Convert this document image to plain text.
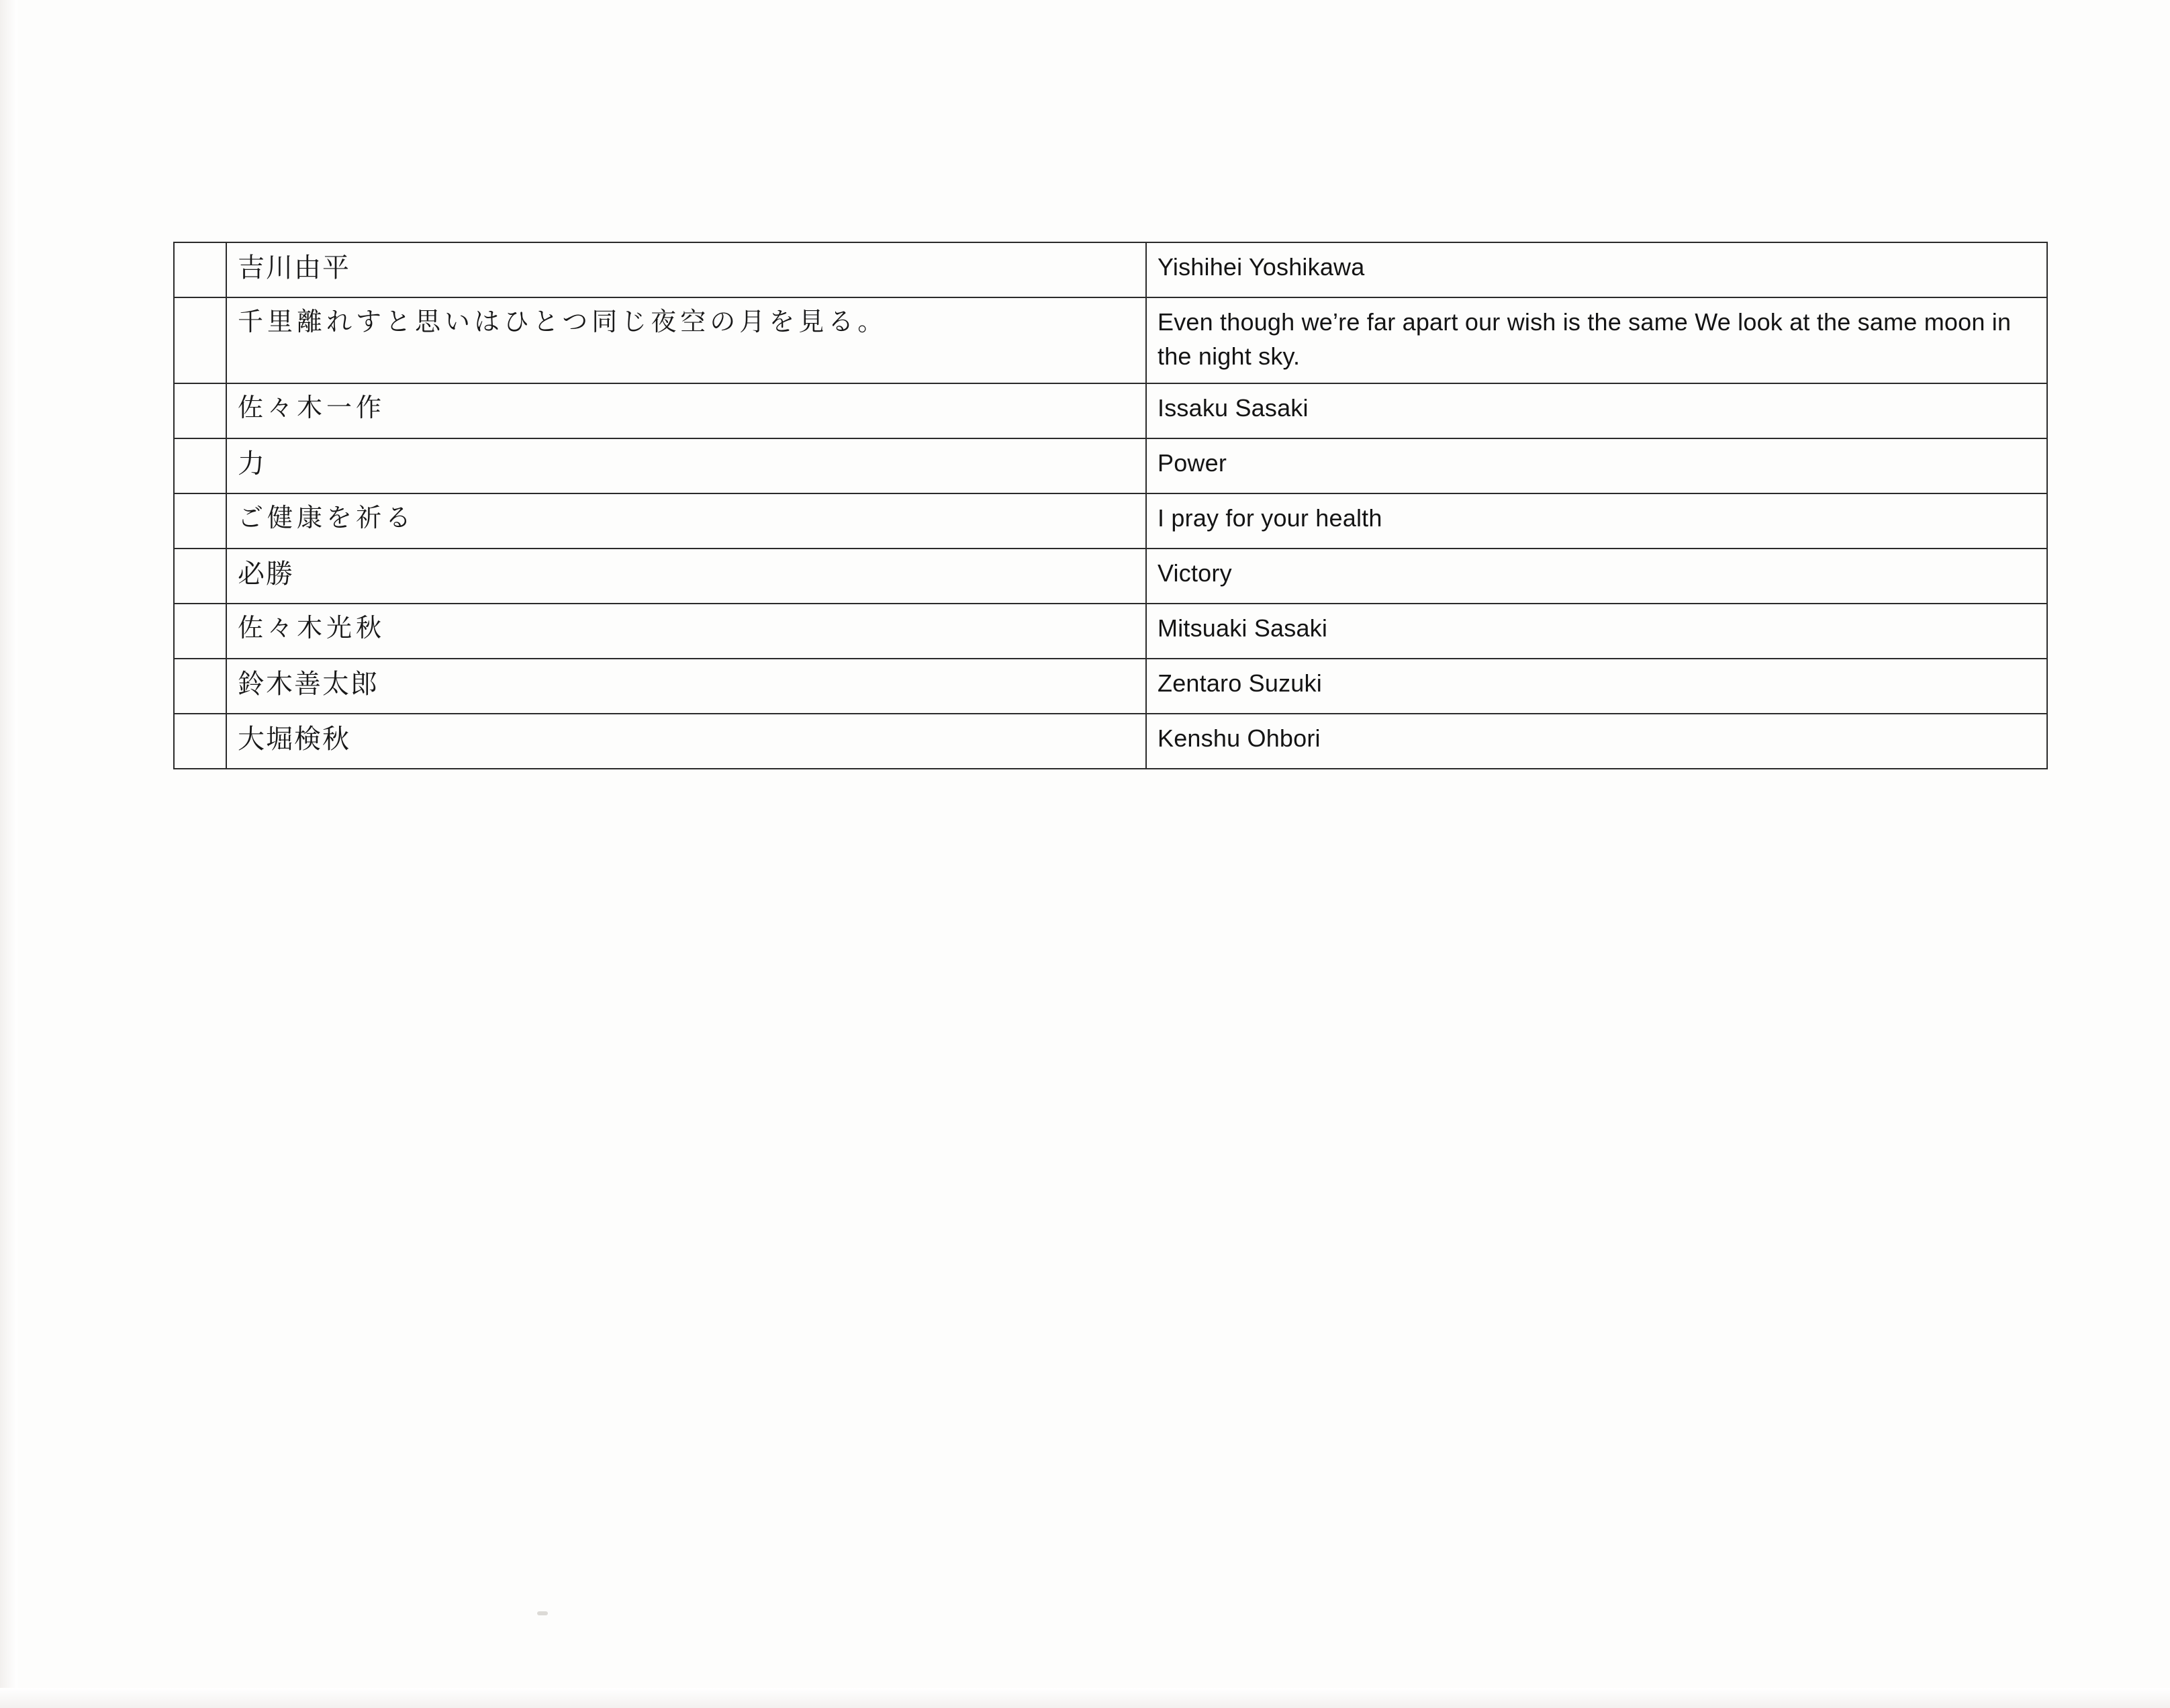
	吉川由平	Yishihei Yoshikawa

	千里離れすと思いはひとつ同じ夜空の月を見る。	Even though we’re far apart our wish is the same We look at the same moon in the night sky.

	佐々木一作	Issaku Sasaki

	力	Power

	ご健康を祈る	I pray for your health

	必勝	Victory

	佐々木光秋	Mitsuaki Sasaki

	鈴木善太郎	Zentaro Suzuki

	大堀検秋	Kenshu Ohbori
